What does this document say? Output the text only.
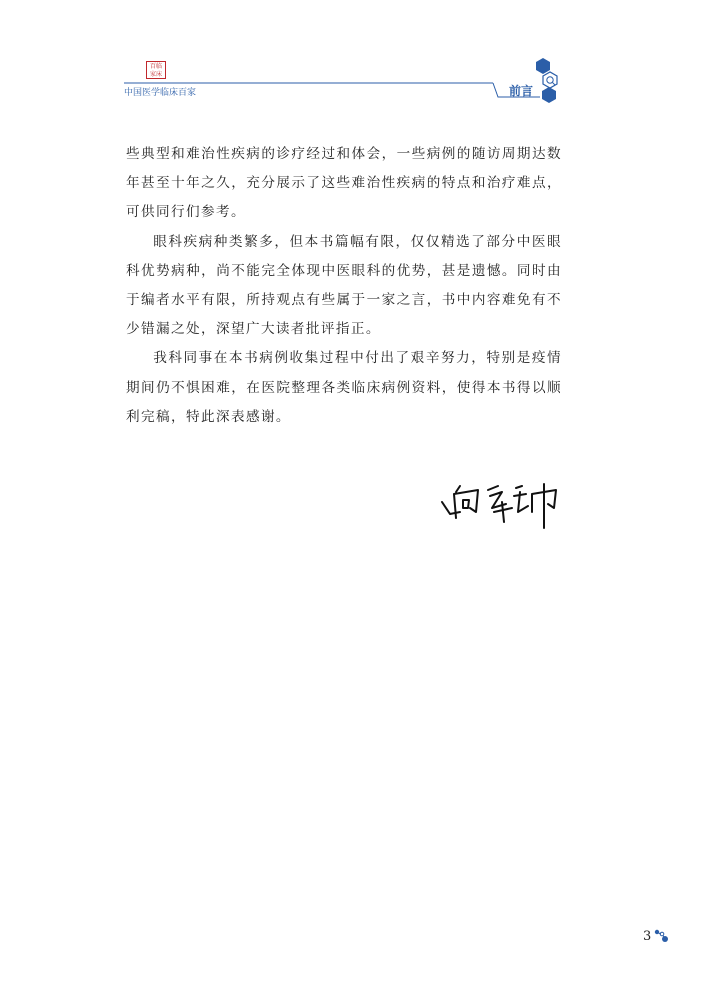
百临 家床
中国医学临床百家	前言

些典型和难治性疾病的诊疗经过和体会，一些病例的随访周期达数年甚至十年之久，充分展示了这些难治性疾病的特点和治疗难点，可供同行们参考。

眼科疾病种类繁多，但本书篇幅有限，仅仅精选了部分中医眼科优势病种，尚不能完全体现中医眼科的优势，甚是遗憾。同时由于编者水平有限，所持观点有些属于一家之言，书中内容难免有不少错漏之处，深望广大读者批评指正。

我科同事在本书病例收集过程中付出了艰辛努力，特别是疫情期间仍不惧困难，在医院整理各类临床病例资料，使得本书得以顺利完稿，特此深表感谢。

3
